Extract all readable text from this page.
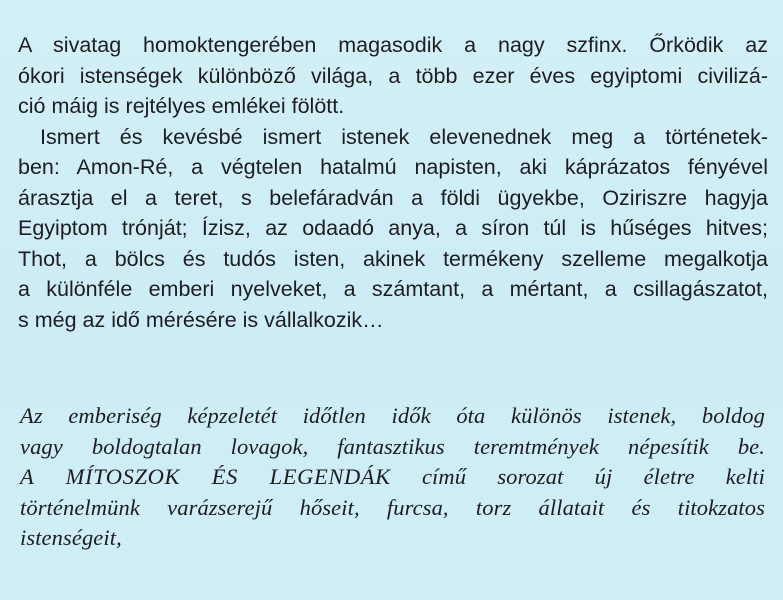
A sivatag homoktengerében magasodik a nagy szfinx. Őrködik az
ókori istenségek különböző világa, a több ezer éves egyiptomi civilizá-
ció máig is rejtélyes emlékei fölött.

Ismert és kevésbé ismert istenek elevenednek meg a történetek-
ben: Amon-Ré, a végtelen hatalmú napisten, aki káprázatos fényével
árasztja el a teret, s belefáradván a földi ügyekbe, Oziriszre hagyja
Egyiptom trónját; Ízisz, az odaadó anya, a síron túl is hűséges hitves;
Thot, a bölcs és tudós isten, akinek termékeny szelleme megalkotja
a különféle emberi nyelveket, a számtant, a mértant, a csillagászatot,
s még az idő mérésére is vállalkozik…

Az emberiség képzeletét időtlen idők óta különös istenek, boldog
vagy boldogtalan lovagok, fantasztikus teremtmények népesítik be.
A MÍTOSZOK ÉS LEGENDÁK című sorozat új életre kelti
történelmünk varázserejű hőseit, furcsa, torz állatait és titokzatos
istenségeit,
